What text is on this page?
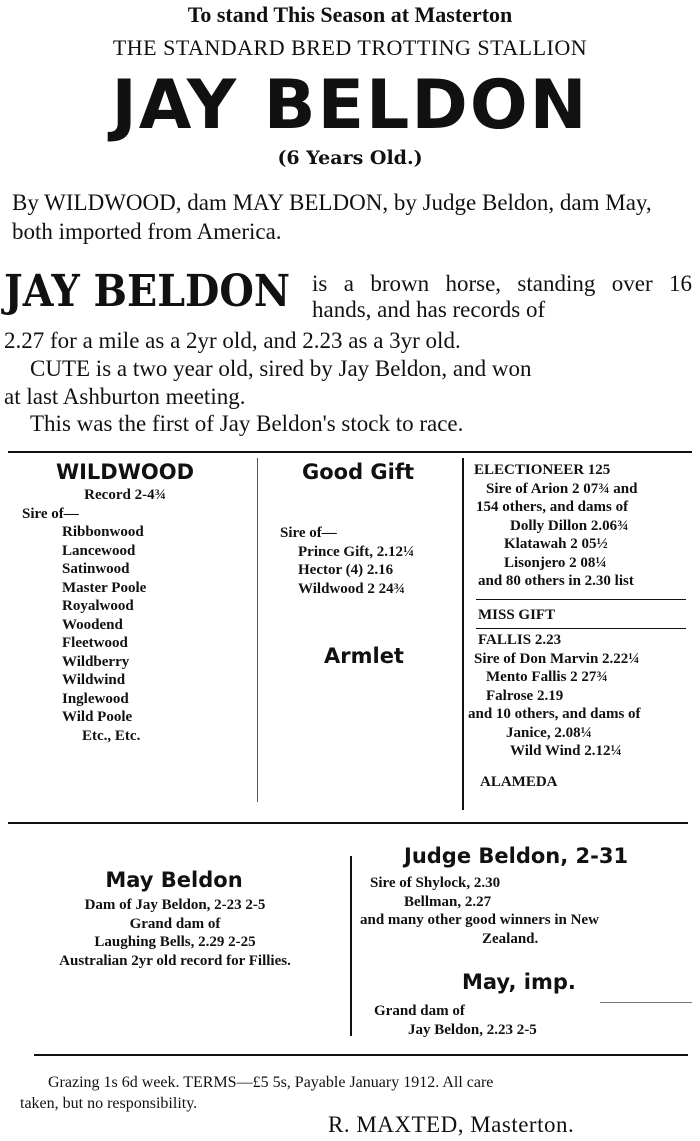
To stand This Season at Masterton
THE STANDARD BRED TROTTING STALLION
JAY BELDON
(6 Years Old.)
By WILDWOOD, dam MAY BELDON, by Judge Beldon, dam May, both imported from America.
JAY BELDON is a brown horse, standing over 16 hands, and has records of
2.27 for a mile as a 2yr old, and 2.23 as a 3yr old.
CUTE is a two year old, sired by Jay Beldon, and won
at last Ashburton meeting.
This was the first of Jay Beldon's stock to race.
WILDWOOD
Record 2-4¾
Sire of—
Ribbonwood
Lancewood
Satinwood
Master Poole
Royalwood
Woodend
Fleetwood
Wildberry
Wildwind
Inglewood
Wild Poole
Etc., Etc.
Good Gift
Sire of—
Prince Gift, 2.12¼
Hector (4) 2.16
Wildwood 2 24¾
Armlet
ELECTIONEER 125
Sire of Arion 2 07¾ and
154 others, and dams of
Dolly Dillon 2.06¾
Klatawah 2 05½
Lisonjero 2 08¼
and 80 others in 2.30 list
MISS GIFT
FALLIS 2.23
Sire of Don Marvin 2.22¼
Mento Fallis 2 27¾
Falrose 2.19
and 10 others, and dams of
Janice, 2.08¼
Wild Wind 2.12¼
ALAMEDA
May Beldon
Dam of Jay Beldon, 2-23 2-5
Grand dam of
Laughing Bells, 2.29 2-25
Australian 2yr old record for Fillies.
Judge Beldon, 2-31
Sire of Shylock, 2.30
Bellman, 2.27
and many other good winners in New
Zealand.
May, imp.
Grand dam of
Jay Beldon, 2.23 2-5
Grazing 1s 6d week. TERMS—£5 5s, Payable January 1912. All care
taken, but no responsibility.
R. MAXTED, Masterton.
